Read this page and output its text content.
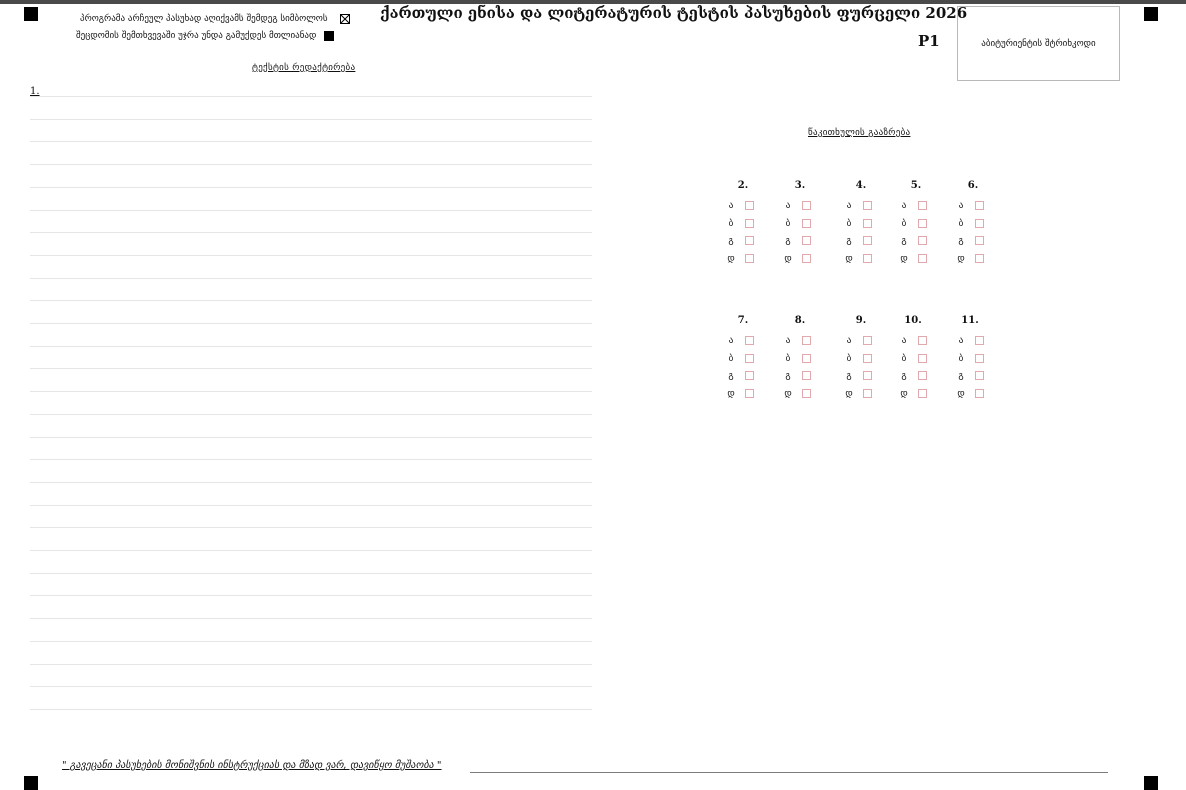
პროგრამა არჩეულ პასუხად აღიქვამს შემდეგ სიმბოლოს
შეცდომის შემთხვევაში უჯრა უნდა გამუქდეს მთლიანად
ქართული ენისა და ლიტერატურის ტესტის პასუხების ფურცელი 2026
P1	აბიტურიენტის შტრიხკოდი
ტექსტის რედაქტირება
1.
წაკითხულის გააზრება
2.
ა
ბ
გ
დ
3.
ა
ბ
გ
დ
4.
ა
ბ
გ
დ
5.
ა
ბ
გ
დ
6.
ა
ბ
გ
დ
7.
ა
ბ
გ
დ
8.
ა
ბ
გ
დ
9.
ა
ბ
გ
დ
10.
ა
ბ
გ
დ
11.
ა
ბ
გ
დ
" გავეცანი პასუხების მონიშვნის ინსტრუქციას და მზად ვარ, დავიწყო მუშაობა "
